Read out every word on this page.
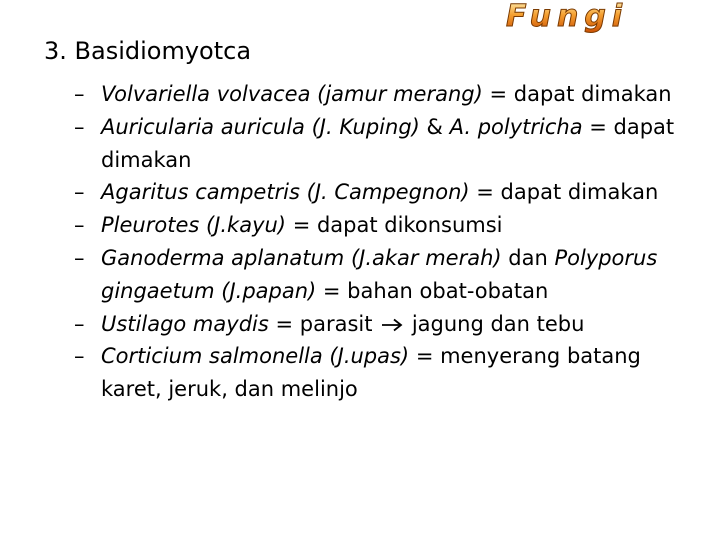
Fungi
3. Basidiomyotca
– Volvariella volvacea (jamur merang) = dapat dimakan
– Auricularia auricula (J. Kuping) & A. polytricha = dapat dimakan
– Agaritus campetris (J. Campegnon) = dapat dimakan
– Pleurotes (J.kayu) = dapat dikonsumsi
– Ganoderma aplanatum (J.akar merah) dan Polyporus gingaetum (J.papan) = bahan obat-obatan
– Ustilago maydis = parasit  jagung dan tebu
– Corticium salmonella (J.upas) = menyerang batang karet, jeruk, dan melinjo
